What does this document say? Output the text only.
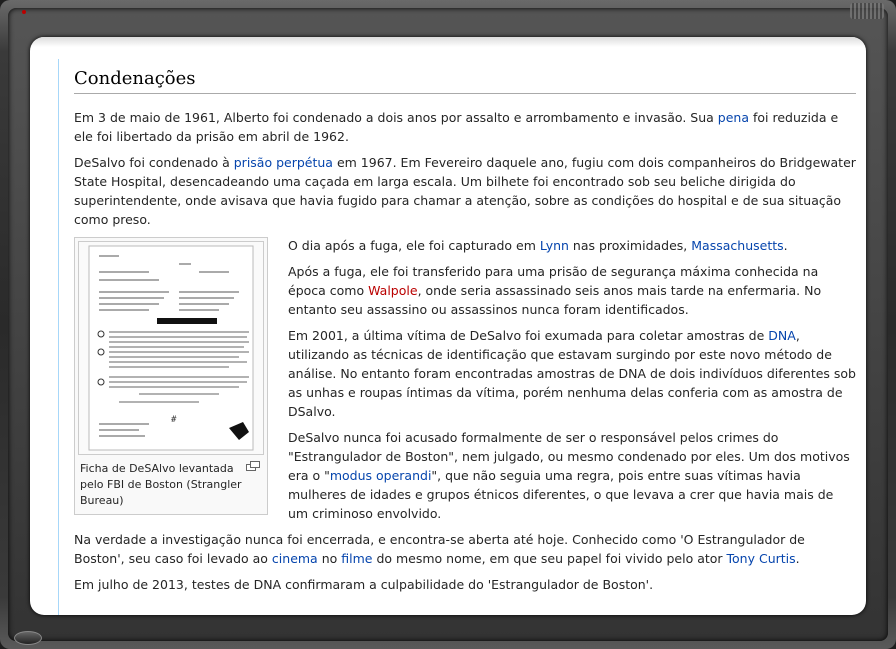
Condenações

Em 3 de maio de 1961, Alberto foi condenado a dois anos por assalto e arrombamento e invasão. Sua pena foi reduzida e ele foi libertado da prisão em abril de 1962.

DeSalvo foi condenado à prisão perpétua em 1967. Em Fevereiro daquele ano, fugiu com dois companheiros do Bridgewater State Hospital, desencadeando uma caçada em larga escala. Um bilhete foi encontrado sob seu beliche dirigida do superintendente, onde avisava que havia fugido para chamar a atenção, sobre as condições do hospital e de sua situação como preso.

#
Ficha de DeSAlvo levantada pelo FBI de Boston (Strangler Bureau)

O dia após a fuga, ele foi capturado em Lynn nas proximidades, Massachusetts.

Após a fuga, ele foi transferido para uma prisão de segurança máxima conhecida na época como Walpole, onde seria assassinado seis anos mais tarde na enfermaria. No entanto seu assassino ou assassinos nunca foram identificados.

Em 2001, a última vítima de DeSalvo foi exumada para coletar amostras de DNA, utilizando as técnicas de identificação que estavam surgindo por este novo método de análise. No entanto foram encontradas amostras de DNA de dois indivíduos diferentes sob as unhas e roupas íntimas da vítima, porém nenhuma delas conferia com as amostra de DSalvo.

DeSalvo nunca foi acusado formalmente de ser o responsável pelos crimes do "Estrangulador de Boston", nem julgado, ou mesmo condenado por eles. Um dos motivos era o "modus operandi", que não seguia uma regra, pois entre suas vítimas havia mulheres de idades e grupos étnicos diferentes, o que levava a crer que havia mais de um criminoso envolvido.

Na verdade a investigação nunca foi encerrada, e encontra-se aberta até hoje. Conhecido como 'O Estrangulador de Boston', seu caso foi levado ao cinema no filme do mesmo nome, em que seu papel foi vivido pelo ator Tony Curtis.

Em julho de 2013, testes de DNA confirmaram a culpabilidade do 'Estrangulador de Boston'.
